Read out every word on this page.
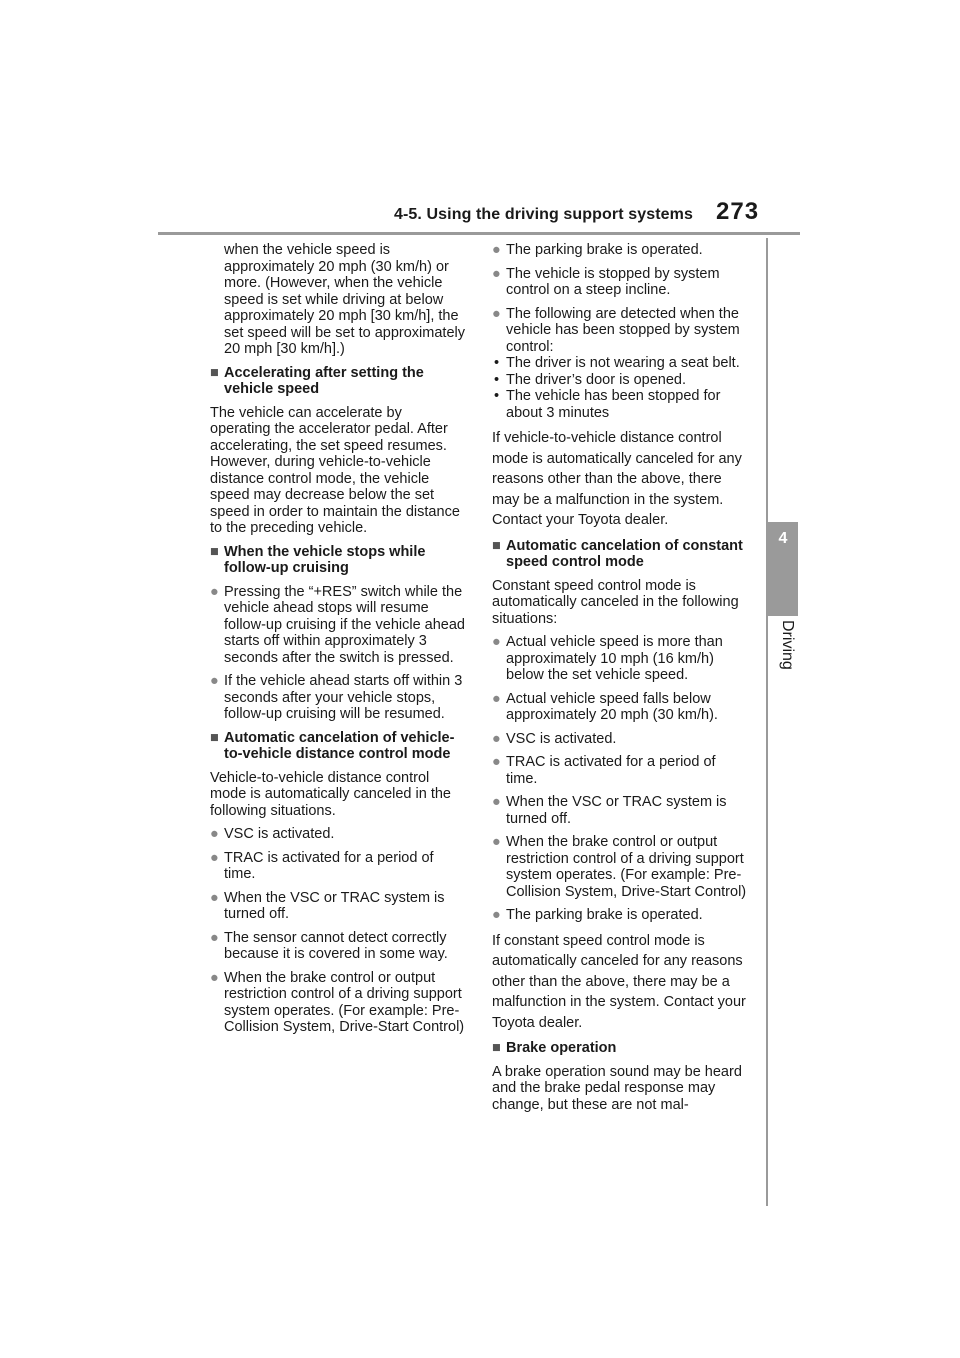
4-5. Using the driving support systems 273
4
Driving

when the vehicle speed is approximately 20 mph (30 km/h) or more. (However, when the vehicle speed is set while driving at below approximately 20 mph [30 km/h], the set speed will be set to approximately 20 mph [30 km/h].)

■ Accelerating after setting the vehicle speed

The vehicle can accelerate by operating the accelerator pedal. After accelerating, the set speed resumes. However, during vehicle-to-vehicle distance control mode, the vehicle speed may decrease below the set speed in order to maintain the distance to the preceding vehicle.

■ When the vehicle stops while follow-up cruising
● Pressing the “+RES” switch while the vehicle ahead stops will resume follow-up cruising if the vehicle ahead starts off within approximately 3 seconds after the switch is pressed.
● If the vehicle ahead starts off within 3 seconds after your vehicle stops, follow-up cruising will be resumed.
■ Automatic cancelation of vehicle-to-vehicle distance control mode

Vehicle-to-vehicle distance control mode is automatically canceled in the following situations.

● VSC is activated.
● TRAC is activated for a period of time.
● When the VSC or TRAC system is turned off.
● The sensor cannot detect correctly because it is covered in some way.
● When the brake control or output restriction control of a driving support system operates. (For example: Pre-Collision System, Drive-Start Control)
● The parking brake is operated.
● The vehicle is stopped by system control on a steep incline.
● The following are detected when the vehicle has been stopped by system control:
• The driver is not wearing a seat belt.
• The driver’s door is opened.
• The vehicle has been stopped for about 3 minutes

If vehicle-to-vehicle distance control mode is automatically canceled for any reasons other than the above, there may be a malfunction in the system. Contact your Toyota dealer.

■ Automatic cancelation of constant speed control mode

Constant speed control mode is automatically canceled in the following situations:

● Actual vehicle speed is more than approximately 10 mph (16 km/h) below the set vehicle speed.
● Actual vehicle speed falls below approximately 20 mph (30 km/h).
● VSC is activated.
● TRAC is activated for a period of time.
● When the VSC or TRAC system is turned off.
● When the brake control or output restriction control of a driving support system operates. (For example: Pre-Collision System, Drive-Start Control)
● The parking brake is operated.

If constant speed control mode is automatically canceled for any reasons other than the above, there may be a malfunction in the system. Contact your Toyota dealer.

■ Brake operation

A brake operation sound may be heard and the brake pedal response may change, but these are not mal-
